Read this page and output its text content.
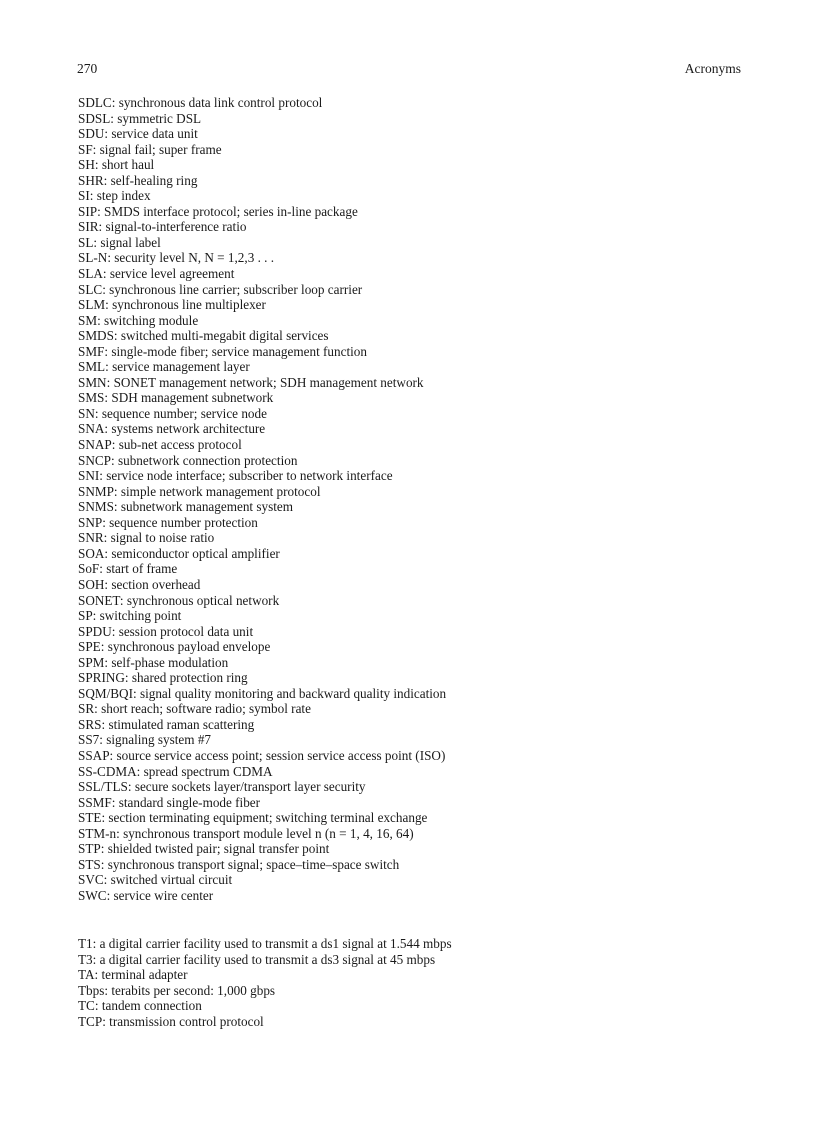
270	Acronyms
SDLC: synchronous data link control protocol
SDSL: symmetric DSL
SDU: service data unit
SF: signal fail; super frame
SH: short haul
SHR: self-healing ring
SI: step index
SIP: SMDS interface protocol; series in-line package
SIR: signal-to-interference ratio
SL: signal label
SL-N: security level N, N = 1,2,3 . . .
SLA: service level agreement
SLC: synchronous line carrier; subscriber loop carrier
SLM: synchronous line multiplexer
SM: switching module
SMDS: switched multi-megabit digital services
SMF: single-mode fiber; service management function
SML: service management layer
SMN: SONET management network; SDH management network
SMS: SDH management subnetwork
SN: sequence number; service node
SNA: systems network architecture
SNAP: sub-net access protocol
SNCP: subnetwork connection protection
SNI: service node interface; subscriber to network interface
SNMP: simple network management protocol
SNMS: subnetwork management system
SNP: sequence number protection
SNR: signal to noise ratio
SOA: semiconductor optical amplifier
SoF: start of frame
SOH: section overhead
SONET: synchronous optical network
SP: switching point
SPDU: session protocol data unit
SPE: synchronous payload envelope
SPM: self-phase modulation
SPRING: shared protection ring
SQM/BQI: signal quality monitoring and backward quality indication
SR: short reach; software radio; symbol rate
SRS: stimulated raman scattering
SS7: signaling system #7
SSAP: source service access point; session service access point (ISO)
SS-CDMA: spread spectrum CDMA
SSL/TLS: secure sockets layer/transport layer security
SSMF: standard single-mode fiber
STE: section terminating equipment; switching terminal exchange
STM-n: synchronous transport module level n (n = 1, 4, 16, 64)
STP: shielded twisted pair; signal transfer point
STS: synchronous transport signal; space–time–space switch
SVC: switched virtual circuit
SWC: service wire center
T1: a digital carrier facility used to transmit a ds1 signal at 1.544 mbps
T3: a digital carrier facility used to transmit a ds3 signal at 45 mbps
TA: terminal adapter
Tbps: terabits per second: 1,000 gbps
TC: tandem connection
TCP: transmission control protocol
